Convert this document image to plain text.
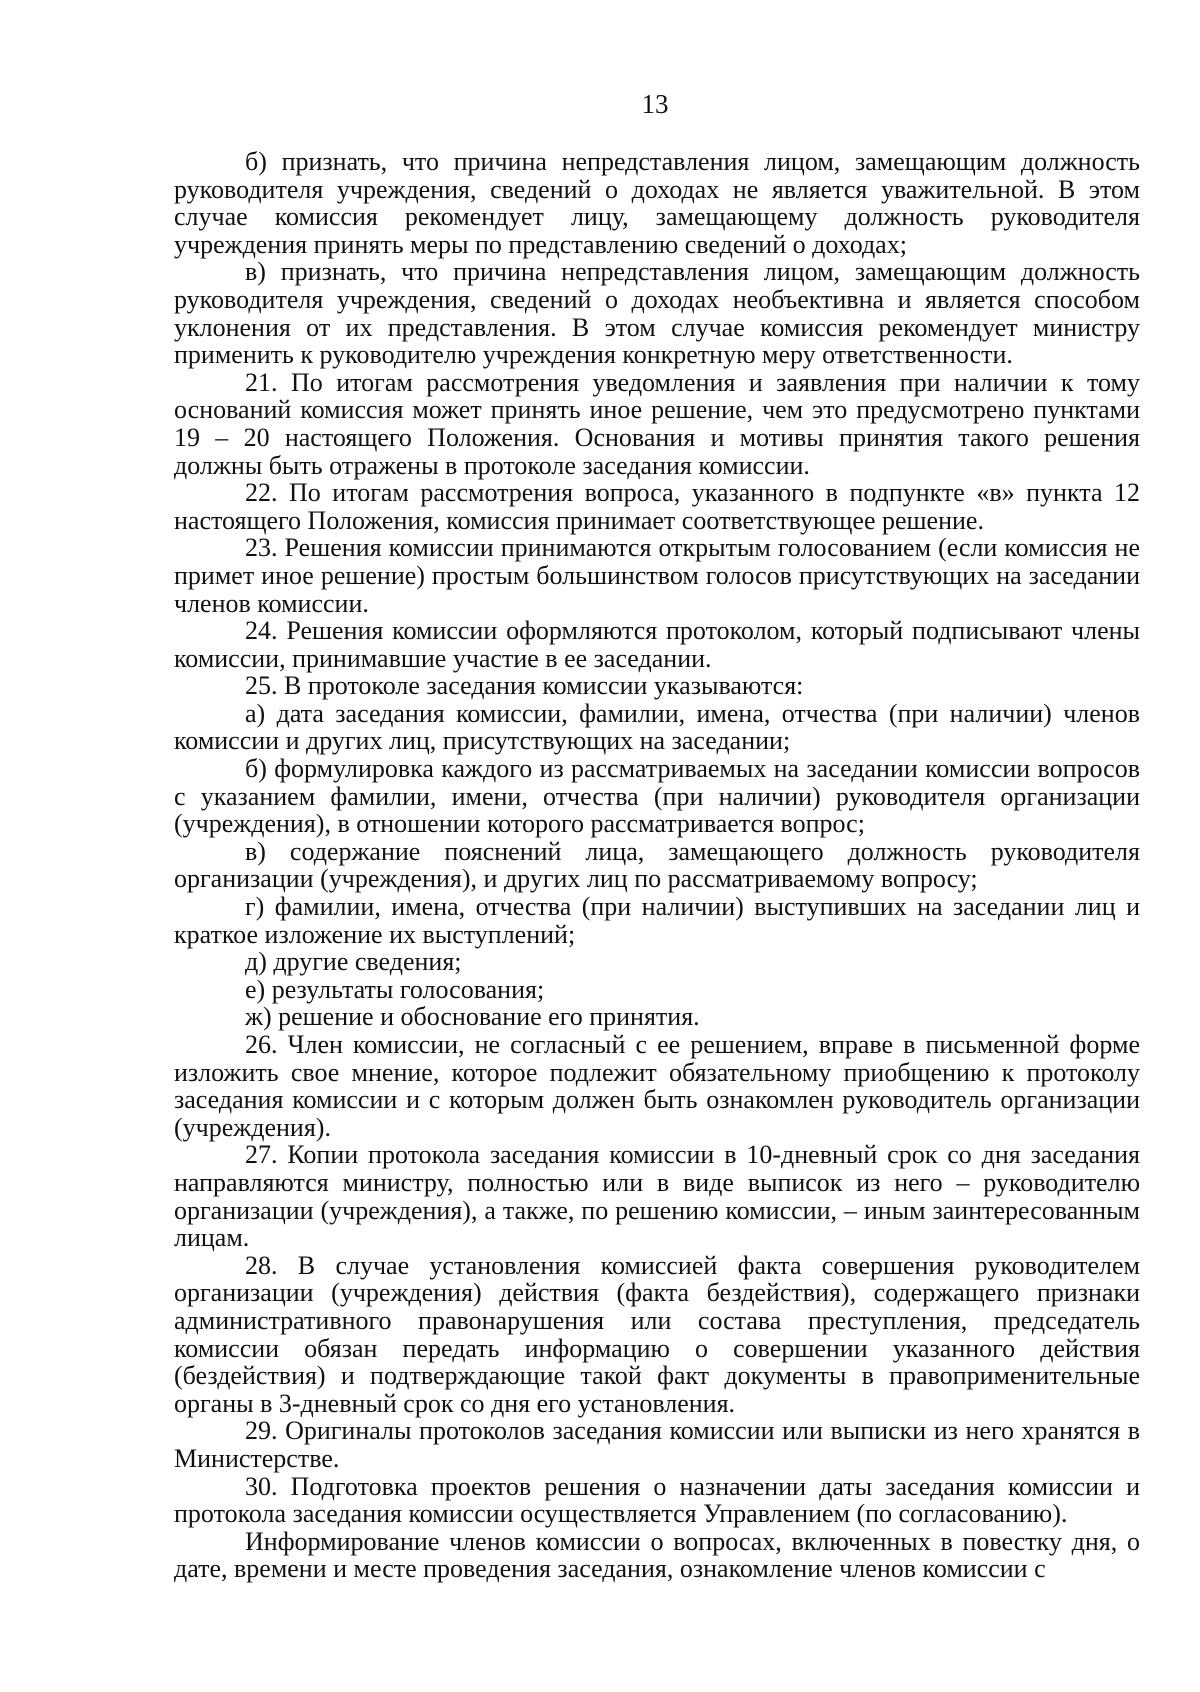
13

б) признать, что причина непредставления лицом, замещающим должность руководителя учреждения, сведений о доходах не является уважительной. В этом случае комиссия рекомендует лицу, замещающему должность руководителя учреждения принять меры по представлению сведений о доходах;

в) признать, что причина непредставления лицом, замещающим должность руководителя учреждения, сведений о доходах необъективна и является способом уклонения от их представления. В этом случае комиссия рекомендует министру применить к руководителю учреждения конкретную меру ответственности.

21. По итогам рассмотрения уведомления и заявления при наличии к тому оснований комиссия может принять иное решение, чем это предусмотрено пунктами 19 – 20 настоящего Положения. Основания и мотивы принятия такого решения должны быть отражены в протоколе заседания комиссии.

22. По итогам рассмотрения вопроса, указанного в подпункте «в» пункта 12 настоящего Положения, комиссия принимает соответствующее решение.

23. Решения комиссии принимаются открытым голосованием (если комиссия не примет иное решение) простым большинством голосов присутствующих на заседании членов комиссии.

24. Решения комиссии оформляются протоколом, который подписывают члены комиссии, принимавшие участие в ее заседании.

25. В протоколе заседания комиссии указываются:

а) дата заседания комиссии, фамилии, имена, отчества (при наличии) членов комиссии и других лиц, присутствующих на заседании;

б) формулировка каждого из рассматриваемых на заседании комиссии вопросов с указанием фамилии, имени, отчества (при наличии) руководителя организации (учреждения), в отношении которого рассматривается вопрос;

в) содержание пояснений лица, замещающего должность руководителя организации (учреждения), и других лиц по рассматриваемому вопросу;

г) фамилии, имена, отчества (при наличии) выступивших на заседании лиц и краткое изложение их выступлений;

д) другие сведения;

е) результаты голосования;

ж) решение и обоснование его принятия.

26. Член комиссии, не согласный с ее решением, вправе в письменной форме изложить свое мнение, которое подлежит обязательному приобщению к протоколу заседания комиссии и с которым должен быть ознакомлен руководитель организации (учреждения).

27. Копии протокола заседания комиссии в 10-дневный срок со дня заседания направляются министру, полностью или в виде выписок из него – руководителю организации (учреждения), а также, по решению комиссии, – иным заинтересованным лицам.

28. В случае установления комиссией факта совершения руководителем организации (учреждения) действия (факта бездействия), содержащего признаки административного правонарушения или состава преступления, председатель комиссии обязан передать информацию о совершении указанного действия (бездействия) и подтверждающие такой факт документы в правоприменительные органы в 3-дневный срок со дня его установления.

29. Оригиналы протоколов заседания комиссии или выписки из него хранятся в Министерстве.

30. Подготовка проектов решения о назначении даты заседания комиссии и протокола заседания комиссии осуществляется Управлением (по согласованию).

Информирование членов комиссии о вопросах, включенных в повестку дня, о дате, времени и месте проведения заседания, ознакомление членов комиссии с
